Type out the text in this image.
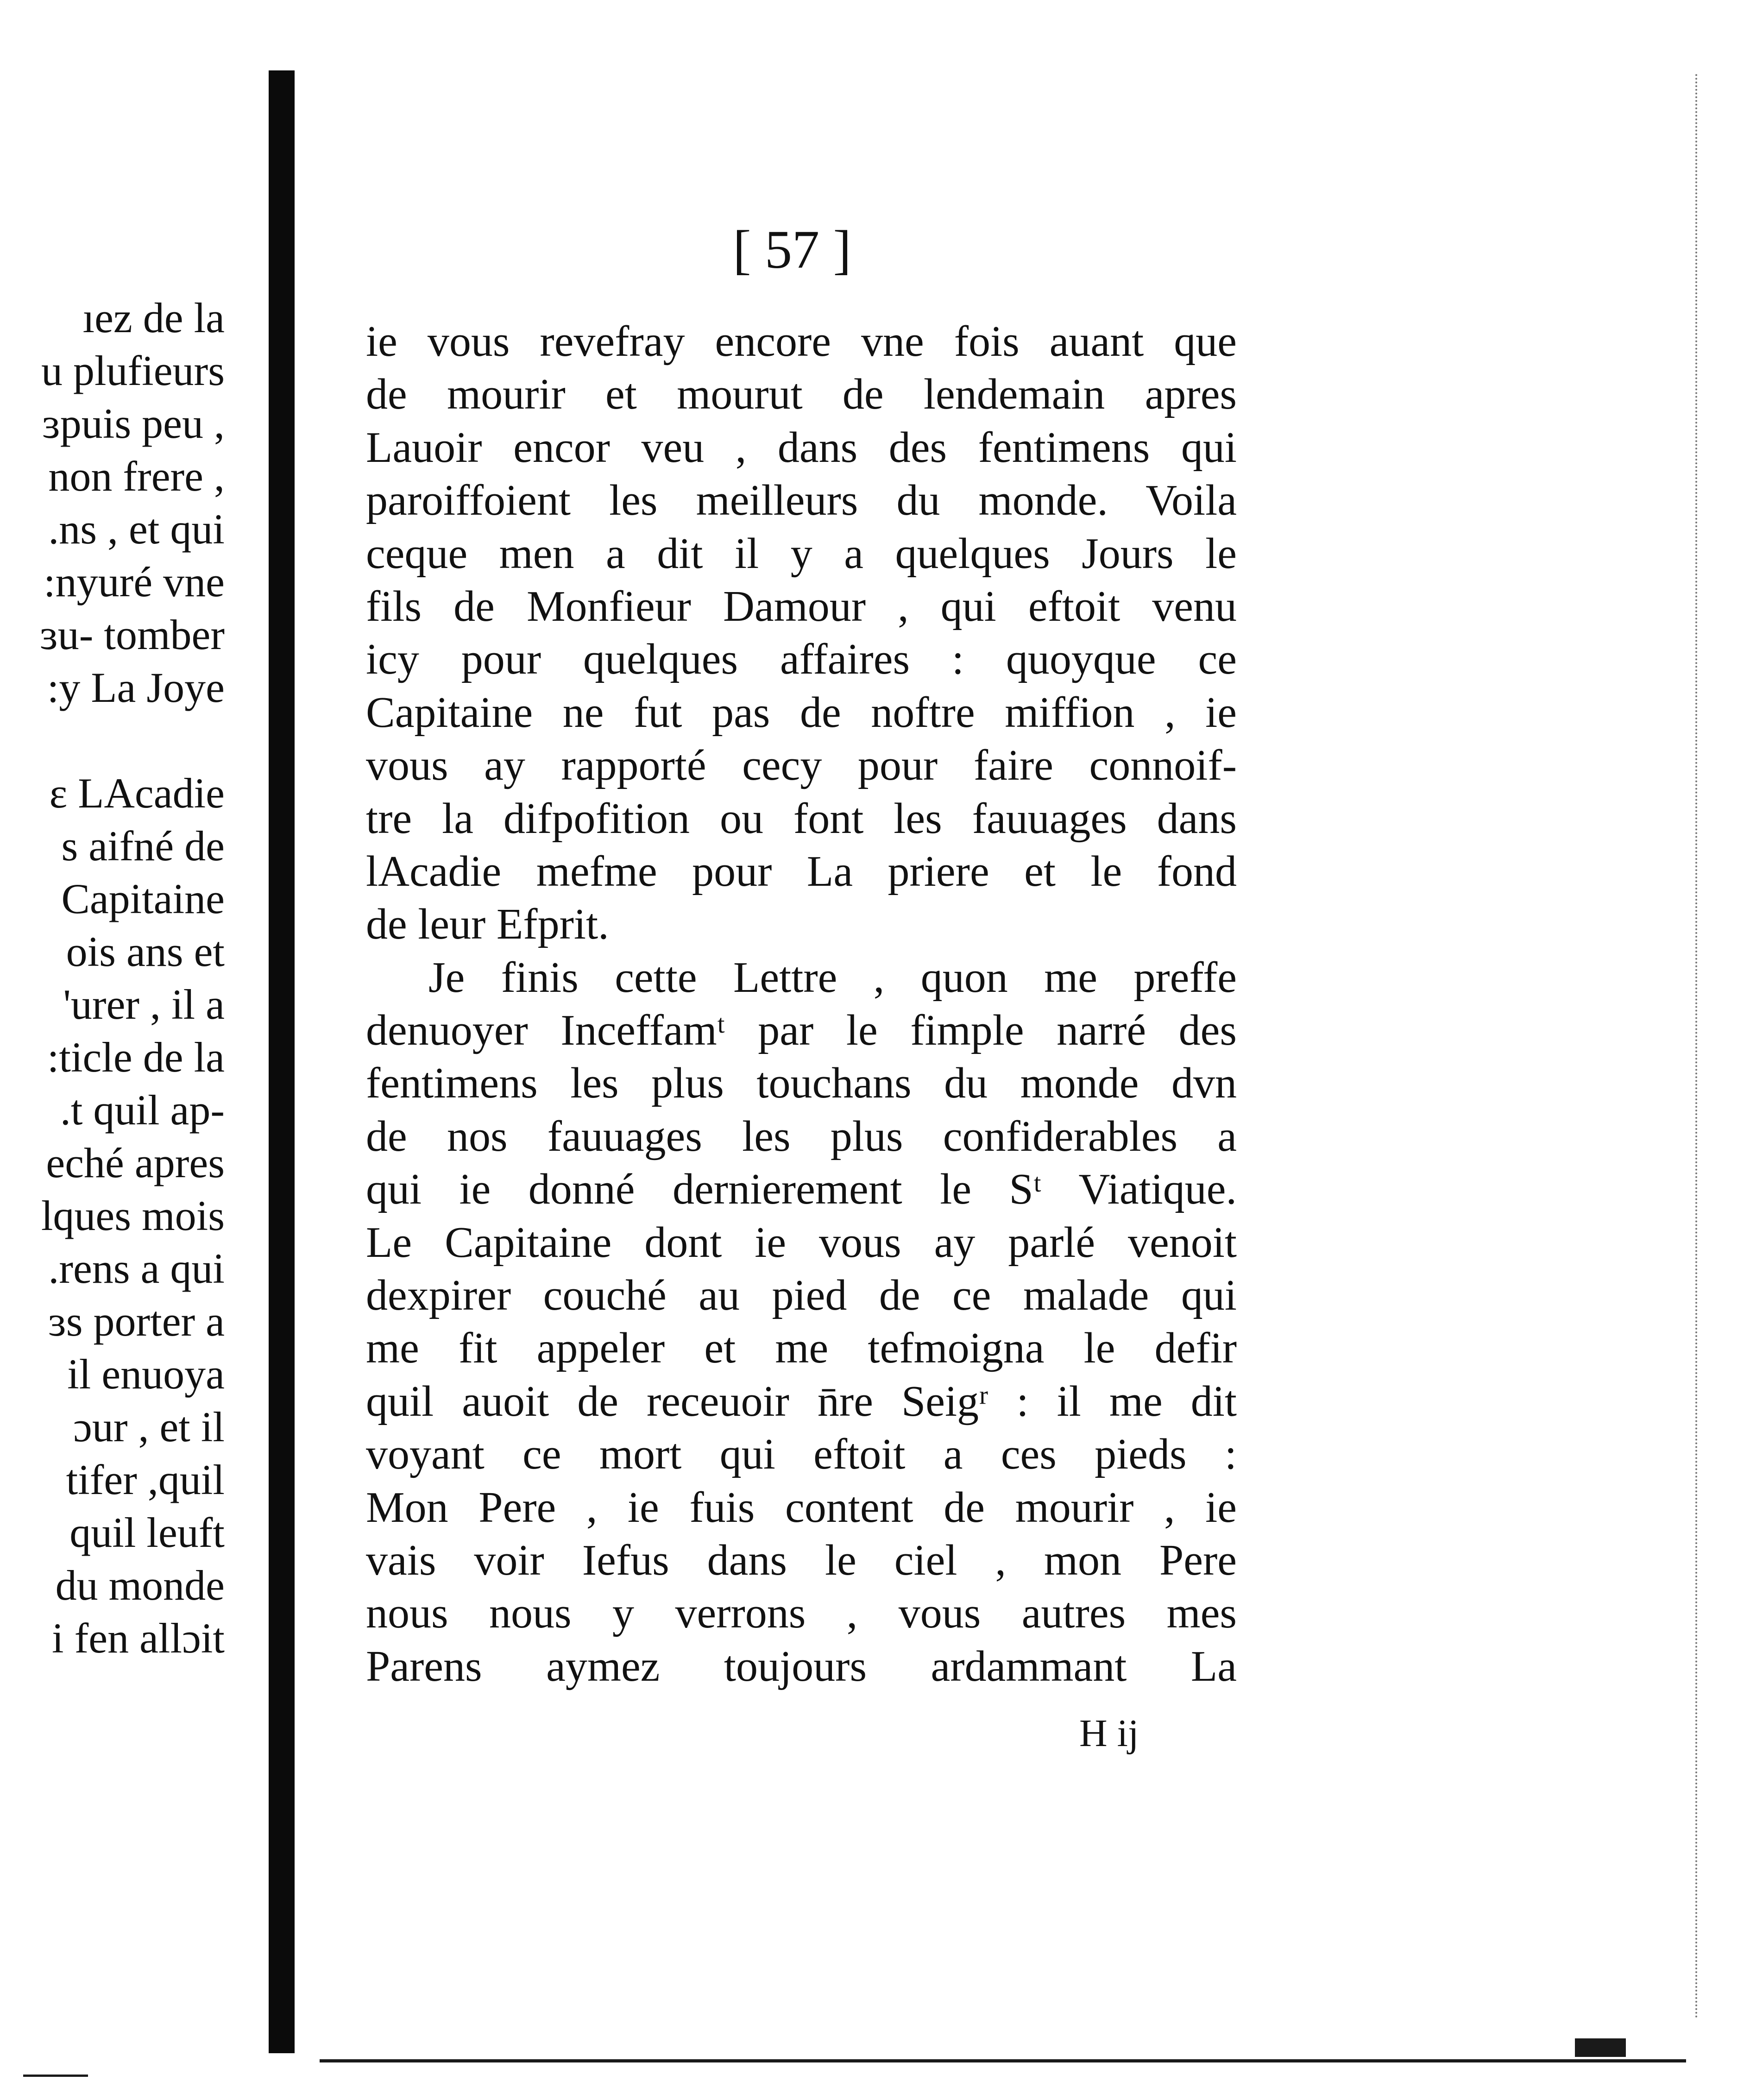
ıez de la
u plufieurs
ɜpuis peu ,
non frere ,
.ns , et qui
:nyuré vne
ɜu- tomber
:y La Joye
ɛ LAcadie
s aifné de
Capitaine
ois ans et
'urer , il a
:ticle de la
.t quil ap-
eché apres
lques mois
.rens a qui
ɜs porter a
il enuoya
ɔur , et il
tifer ,quil
quil leuft
du monde
i fen allɔit
[ 57 ]
ie vous revefray encore vne fois auant que
de mourir et mourut de lendemain apres
Lauoir encor veu , dans des fentimens qui
paroiffoient les meilleurs du monde. Voila
ceque men a dit il y a quelques Jours le
fils de Monfieur Damour , qui eftoit venu
icy pour quelques affaires : quoyque ce
Capitaine ne fut pas de noftre miffion , ie
vous ay rapporté cecy pour faire connoif-
tre la difpofition ou font les fauuages dans
lAcadie mefme pour La priere et le fond
de leur Efprit.
Je finis cette Lettre , quon me preffe
denuoyer Inceffamᵗ par le fimple narré des
fentimens les plus touchans du monde dvn
de nos fauuages les plus confiderables a
qui ie donné dernierement le Sᵗ Viatique.
Le Capitaine dont ie vous ay parlé venoit
dexpirer couché au pied de ce malade qui
me fit appeler et me tefmoigna le defir
quil auoit de receuoir n̄re Seigʳ : il me dit
voyant ce mort qui eftoit a ces pieds :
Mon Pere , ie fuis content de mourir , ie
vais voir Iefus dans le ciel , mon Pere
nous nous y verrons , vous autres mes
Parens aymez toujours ardammant La
H ij
